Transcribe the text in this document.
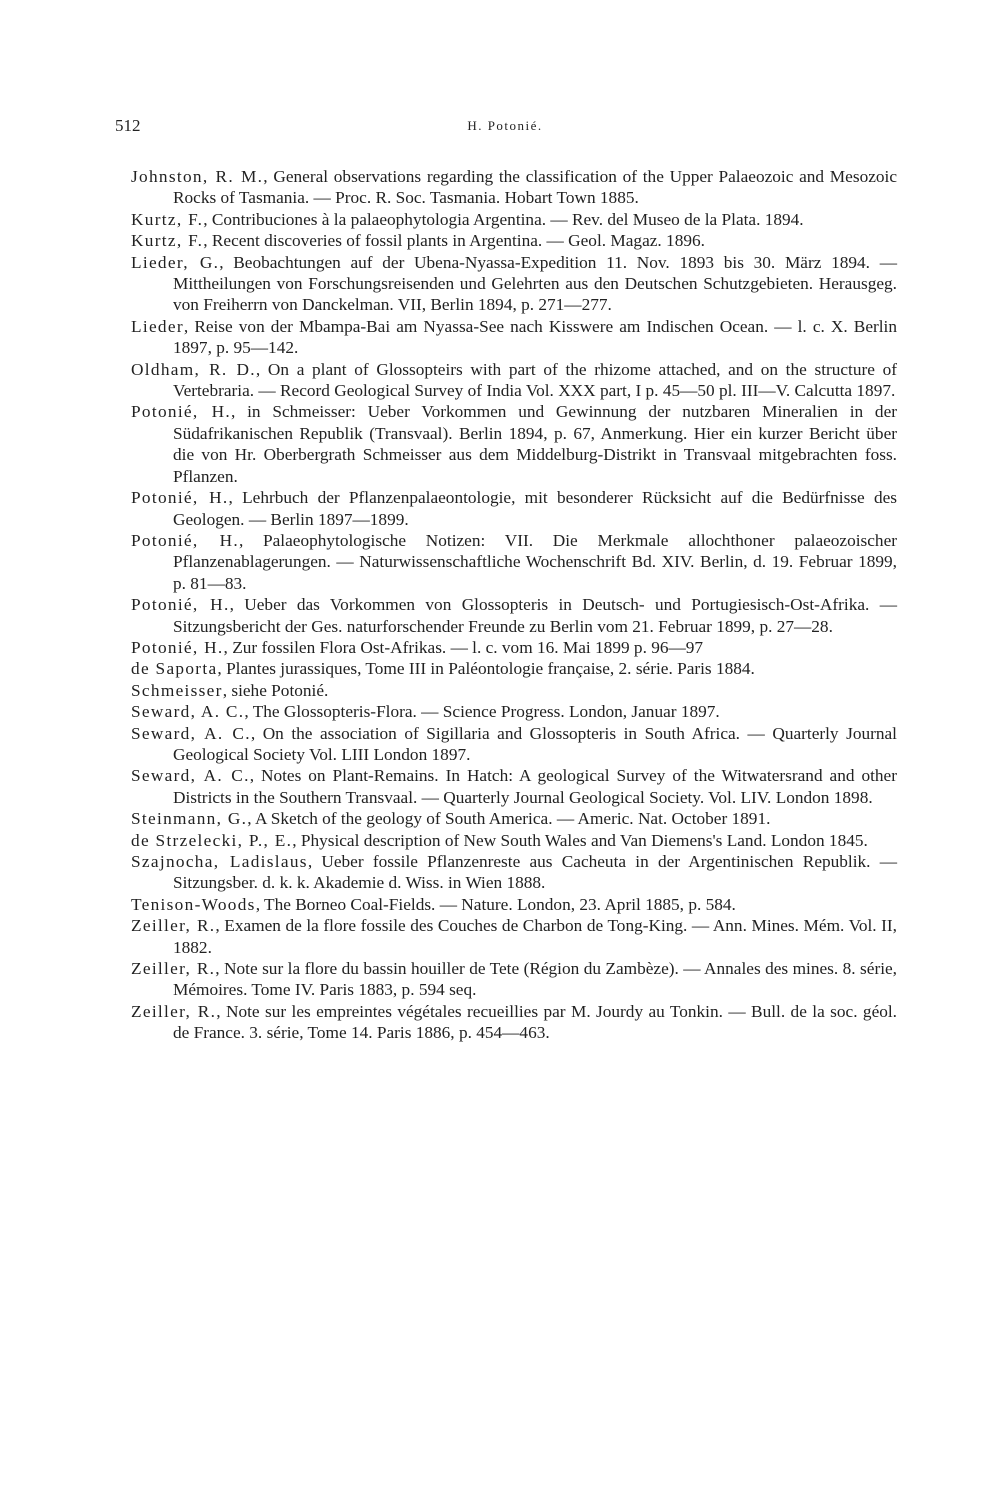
512	H. Potonié.
Johnston, R. M., General observations regarding the classification of the Upper Palaeozoic and Mesozoic Rocks of Tasmania. — Proc. R. Soc. Tasmania. Hobart Town 1885.
Kurtz, F., Contribuciones à la palaeophytologia Argentina. — Rev. del Museo de la Plata. 1894.
Kurtz, F., Recent discoveries of fossil plants in Argentina. — Geol. Magaz. 1896.
Lieder, G., Beobachtungen auf der Ubena-Nyassa-Expedition 11. Nov. 1893 bis 30. März 1894. — Mittheilungen von Forschungsreisenden und Gelehrten aus den Deutschen Schutzgebieten. Herausgeg. von Freiherrn von Danckelman. VII, Berlin 1894, p. 271—277.
Lieder, Reise von der Mbampa-Bai am Nyassa-See nach Kisswere am Indischen Ocean. — l. c. X. Berlin 1897, p. 95—142.
Oldham, R. D., On a plant of Glossopteirs with part of the rhizome attached, and on the structure of Vertebraria. — Record Geological Survey of India Vol. XXX part, I p. 45—50 pl. III—V. Calcutta 1897.
Potonié, H., in Schmeisser: Ueber Vorkommen und Gewinnung der nutzbaren Mineralien in der Südafrikanischen Republik (Transvaal). Berlin 1894, p. 67, Anmerkung. Hier ein kurzer Bericht über die von Hr. Oberbergrath Schmeisser aus dem Middelburg-Distrikt in Transvaal mitgebrachten foss. Pflanzen.
Potonié, H., Lehrbuch der Pflanzenpalaeontologie, mit besonderer Rücksicht auf die Bedürfnisse des Geologen. — Berlin 1897—1899.
Potonié, H., Palaeophytologische Notizen: VII. Die Merkmale allochthoner palaeozoischer Pflanzenablagerungen. — Naturwissenschaftliche Wochenschrift Bd. XIV. Berlin, d. 19. Februar 1899, p. 81—83.
Potonié, H., Ueber das Vorkommen von Glossopteris in Deutsch- und Portugiesisch-Ost-Afrika. — Sitzungsbericht der Ges. naturforschender Freunde zu Berlin vom 21. Februar 1899, p. 27—28.
Potonié, H., Zur fossilen Flora Ost-Afrikas. — l. c. vom 16. Mai 1899 p. 96—97
de Saporta, Plantes jurassiques, Tome III in Paléontologie française, 2. série. Paris 1884.
Schmeisser, siehe Potonié.
Seward, A. C., The Glossopteris-Flora. — Science Progress. London, Januar 1897.
Seward, A. C., On the association of Sigillaria and Glossopteris in South Africa. — Quarterly Journal Geological Society Vol. LIII London 1897.
Seward, A. C., Notes on Plant-Remains. In Hatch: A geological Survey of the Witwatersrand and other Districts in the Southern Transvaal. — Quarterly Journal Geological Society. Vol. LIV. London 1898.
Steinmann, G., A Sketch of the geology of South America. — Americ. Nat. October 1891.
de Strzelecki, P., E., Physical description of New South Wales and Van Diemens's Land. London 1845.
Szajnocha, Ladislaus, Ueber fossile Pflanzenreste aus Cacheuta in der Argentinischen Republik. — Sitzungsber. d. k. k. Akademie d. Wiss. in Wien 1888.
Tenison-Woods, The Borneo Coal-Fields. — Nature. London, 23. April 1885, p. 584.
Zeiller, R., Examen de la flore fossile des Couches de Charbon de Tong-King. — Ann. Mines. Mém. Vol. II, 1882.
Zeiller, R., Note sur la flore du bassin houiller de Tete (Région du Zambèze). — Annales des mines. 8. série, Mémoires. Tome IV. Paris 1883, p. 594 seq.
Zeiller, R., Note sur les empreintes végétales recueillies par M. Jourdy au Tonkin. — Bull. de la soc. géol. de France. 3. série, Tome 14. Paris 1886, p. 454—463.
